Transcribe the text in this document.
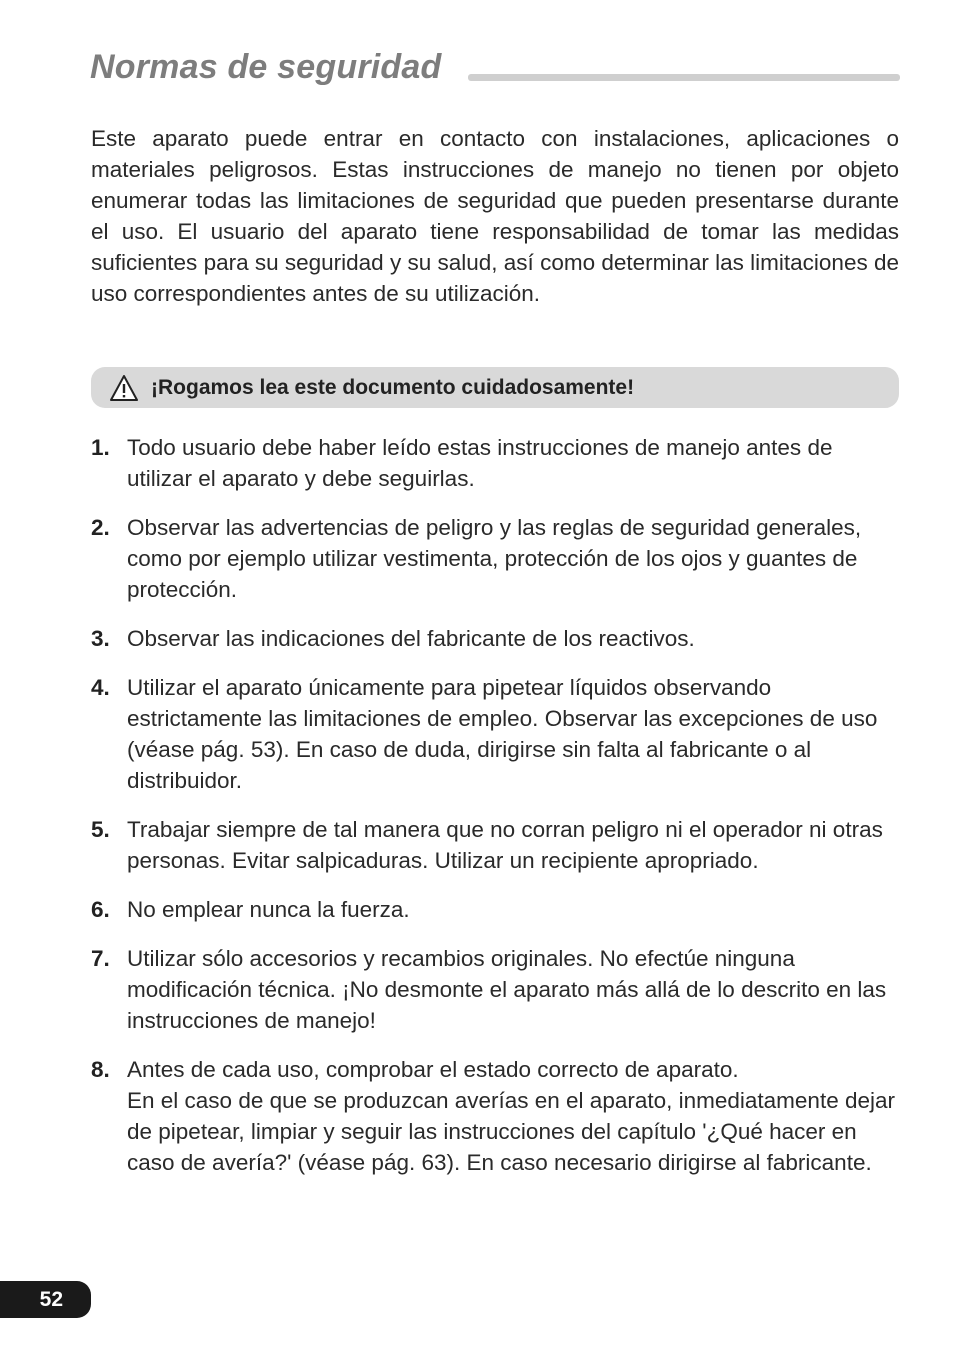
Normas de seguridad

Este aparato puede entrar en contacto con instalaciones, aplicaciones o materiales peligrosos. Estas instrucciones de manejo no tienen por objeto enumerar todas las limitaciones de seguridad que pueden presentarse durante el uso. El usuario del aparato tiene responsabilidad de tomar las medidas suficientes para su seguridad y su salud, así como determinar las limitaciones de uso correspondientes antes de su utilización.

¡Rogamos lea este documento cuidadosamente!
1. Todo usuario debe haber leído estas instrucciones de manejo antes de utilizar el aparato y debe seguirlas.

2. Observar las advertencias de peligro y las reglas de seguridad generales, como por ejemplo utilizar vestimenta, protección de los ojos y guantes de protección.

3. Observar las indicaciones del fabricante de los reactivos.

4. Utilizar el aparato únicamente para pipetear líquidos observando estrictamente las limitaciones de empleo. Observar las excepciones de uso (véase pág. 53). En caso de duda, dirigirse sin falta al fabricante o al distribuidor.

5. Trabajar siempre de tal manera que no corran peligro ni el operador ni otras personas. Evitar salpicaduras. Utilizar un recipiente apropriado.

6. No emplear nunca la fuerza.

7. Utilizar sólo accesorios y recambios originales. No efectúe ninguna modificación técnica. ¡No desmonte el aparato más allá de lo descrito en las instrucciones de manejo!

8. Antes de cada uso, comprobar el estado correcto de aparato.

En el caso de que se produzcan averías en el aparato, inmediatamente dejar de pipetear, limpiar y seguir las instrucciones del capítulo '¿Qué hacer en caso de avería?' (véase pág. 63). En caso necesario dirigirse al fabricante.

52
